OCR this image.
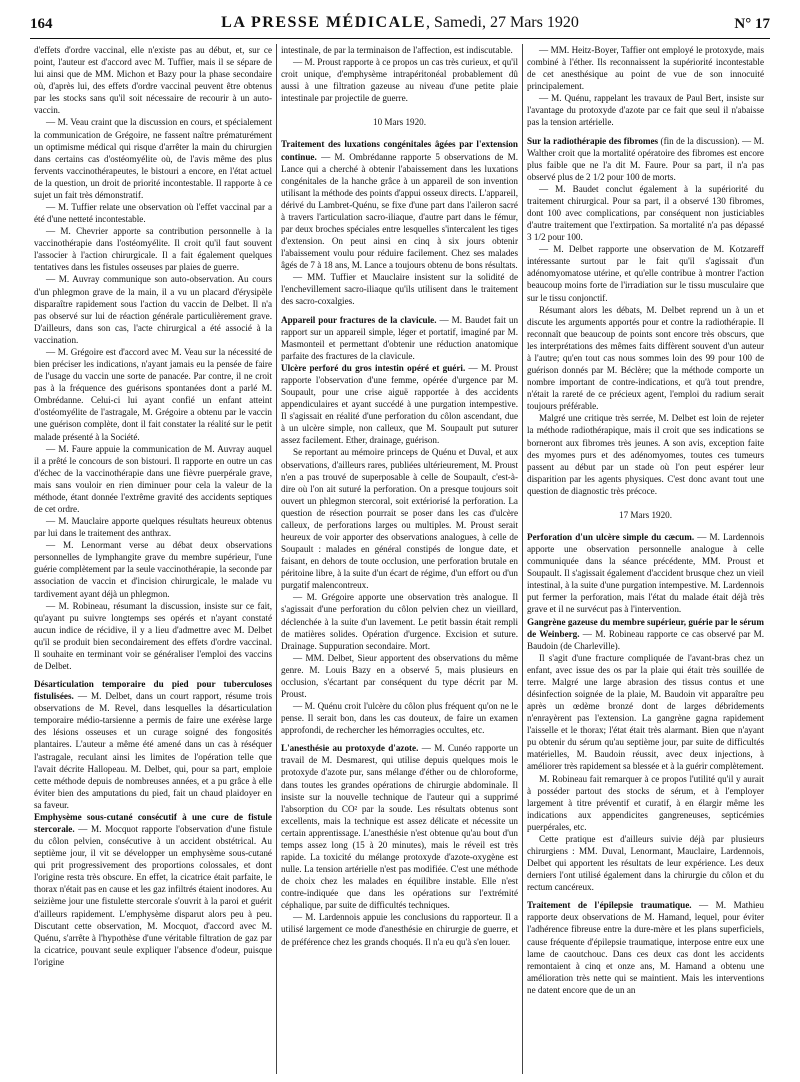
164	LA PRESSE MÉDICALE, Samedi, 27 Mars 1920	N° 17

d'effets d'ordre vaccinal, elle n'existe pas au début, et, sur ce point, l'auteur est d'accord avec M. Tuffier, mais il se sépare de lui ainsi que de MM. Michon et Bazy pour la phase secondaire où, d'après lui, des effets d'ordre vaccinal peuvent être obtenus par les stocks sans qu'il soit nécessaire de recourir à un auto-vaccin.

— M. Veau craint que la discussion en cours, et spécialement la communication de Grégoire, ne fassent naître prématurément un optimisme médical qui risque d'arrêter la main du chirurgien dans certains cas d'ostéomyélite où, de l'avis même des plus fervents vaccinothérapeutes, le bistouri a encore, en l'état actuel de la question, un droit de priorité incontestable. Il rapporte à ce sujet un fait très démonstratif.

— M. Tuffier relate une observation où l'effet vaccinal par a été d'une netteté incontestable.

— M. Chevrier apporte sa contribution personnelle à la vaccinothérapie dans l'ostéomyélite. Il croit qu'il faut souvent l'associer à l'action chirurgicale. Il a fait également quelques tentatives dans les fistules osseuses par plaies de guerre.

— M. Auvray communique son auto-observation. Au cours d'un phlegmon grave de la main, il a vu un placard d'érysipèle disparaître rapidement sous l'action du vaccin de Delbet. Il n'a pas observé sur lui de réaction générale particulièrement grave. D'ailleurs, dans son cas, l'acte chirurgical a été associé à la vaccination.

— M. Grégoire est d'accord avec M. Veau sur la nécessité de bien préciser les indications, n'ayant jamais eu la pensée de faire de l'usage du vaccin une sorte de panacée. Par contre, il ne croit pas à la fréquence des guérisons spontanées dont a parlé M. Ombrédanne. Celui-ci lui ayant confié un enfant atteint d'ostéomyélite de l'astragale, M. Grégoire a obtenu par le vaccin une guérison complète, dont il fait constater la réalité sur le petit malade présenté à la Société.

— M. Faure appuie la communication de M. Auvray auquel il a prêté le concours de son bistouri. Il rapporte en outre un cas d'échec de la vaccinothérapie dans une fièvre puerpérale grave, mais sans vouloir en rien diminuer pour cela la valeur de la méthode, étant donnée l'extrême gravité des accidents septiques de cet ordre.

— M. Mauclaire apporte quelques résultats heureux obtenus par lui dans le traitement des anthrax.

— M. Lenormant verse au débat deux observations personnelles de lymphangite grave du membre supérieur, l'une guérie complètement par la seule vaccinothérapie, la seconde par association de vaccin et d'incision chirurgicale, le malade vu tardivement ayant déjà un phlegmon.

— M. Robineau, résumant la discussion, insiste sur ce fait, qu'ayant pu suivre longtemps ses opérés et n'ayant constaté aucun indice de récidive, il y a lieu d'admettre avec M. Delbet qu'il se produit bien secondairement des effets d'ordre vaccinal. Il souhaite en terminant voir se généraliser l'emploi des vaccins de Delbet.

Désarticulation temporaire du pied pour tuberculoses fistulisées. — M. Delbet, dans un court rapport, résume trois observations de M. Revel, dans lesquelles la désarticulation temporaire médio-tarsienne a permis de faire une exérèse large des lésions osseuses et un curage soigné des fongosités plantaires. L'auteur a même été amené dans un cas à réséquer l'astragale, reculant ainsi les limites de l'opération telle que l'avait décrite Hallopeau. M. Delbet, qui, pour sa part, emploie cette méthode depuis de nombreuses années, et a pu grâce à elle éviter bien des amputations du pied, fait un chaud plaidoyer en sa faveur.

Emphysème sous-cutané consécutif à une cure de fistule stercorale. — M. Mocquot rapporte l'observation d'une fistule du côlon pelvien, consécutive à un accident obstétrical. Au septième jour, il vit se développer un emphysème sous-cutané qui prit progressivement des proportions colossales, et dont l'origine resta très obscure. En effet, la cicatrice était parfaite, le thorax n'était pas en cause et les gaz infiltrés étaient inodores. Au seizième jour une fistulette stercorale s'ouvrit à la paroi et guérit d'ailleurs rapidement. L'emphysème disparut alors peu à peu. Discutant cette observation, M. Mocquot, d'accord avec M. Quénu, s'arrête à l'hypothèse d'une véritable filtration de gaz par la cicatrice, pouvant seule expliquer l'absence d'odeur, puisque l'origine

intestinale, de par la terminaison de l'affection, est indiscutable.

— M. Proust rapporte à ce propos un cas très curieux, et qu'il croit unique, d'emphysème intrapéritonéal probablement dû aussi à une filtration gazeuse au niveau d'une petite plaie intestinale par projectile de guerre.

10 Mars 1920.

Traitement des luxations congénitales âgées par l'extension continue. — M. Ombrédanne rapporte 5 observations de M. Lance qui a cherché à obtenir l'abaissement dans les luxations congénitales de la hanche grâce à un appareil de son invention utilisant la méthode des points d'appui osseux directs. L'appareil, dérivé du Lambret-Quénu, se fixe d'une part dans l'aileron sacré à travers l'articulation sacro-iliaque, d'autre part dans le fémur, par deux broches spéciales entre lesquelles s'intercalent les tiges d'extension. On peut ainsi en cinq à six jours obtenir l'abaissement voulu pour réduire facilement. Chez ses malades âgés de 7 à 18 ans, M. Lance a toujours obtenu de bons résultats.

— MM. Tuffier et Mauclaire insistent sur la solidité de l'enchevillement sacro-iliaque qu'ils utilisent dans le traitement des sacro-coxalgies.

Appareil pour fractures de la clavicule. — M. Baudet fait un rapport sur un appareil simple, léger et portatif, imaginé par M. Masmonteil et permettant d'obtenir une réduction anatomique parfaite des fractures de la clavicule.

Ulcère perforé du gros intestin opéré et guéri. — M. Proust rapporte l'observation d'une femme, opérée d'urgence par M. Soupault, pour une crise aiguë rapportée à des accidents appendiculaires et ayant succédé à une purgation intempestive. Il s'agissait en réalité d'une perforation du côlon ascendant, due à un ulcère simple, non calleux, que M. Soupault put suturer assez facilement. Ether, drainage, guérison.

Se reportant au mémoire princeps de Quénu et Duval, et aux observations, d'ailleurs rares, publiées ultérieurement, M. Proust n'en a pas trouvé de superposable à celle de Soupault, c'est-à-dire où l'on ait suturé la perforation. On a presque toujours soit ouvert un phlegmon stercoral, soit extériorisé la perforation. La question de résection pourrait se poser dans les cas d'ulcère calleux, de perforations larges ou multiples. M. Proust serait heureux de voir apporter des observations analogues, à celle de Soupault : malades en général constipés de longue date, et faisant, en dehors de toute occlusion, une perforation brutale en péritoine libre, à la suite d'un écart de régime, d'un effort ou d'un purgatif malencontreux.

— M. Grégoire apporte une observation très analogue. Il s'agissait d'une perforation du côlon pelvien chez un vieillard, déclenchée à la suite d'un lavement. Le petit bassin était rempli de matières solides. Opération d'urgence. Excision et suture. Drainage. Suppuration secondaire. Mort.

— MM. Delbet, Sieur apportent des observations du même genre. M. Louis Bazy en a observé 5, mais plusieurs en occlusion, s'écartant par conséquent du type décrit par M. Proust.

— M. Quénu croit l'ulcère du côlon plus fréquent qu'on ne le pense. Il serait bon, dans les cas douteux, de faire un examen approfondi, de rechercher les hémorragies occultes, etc.

L'anesthésie au protoxyde d'azote. — M. Cunéo rapporte un travail de M. Desmarest, qui utilise depuis quelques mois le protoxyde d'azote pur, sans mélange d'éther ou de chloroforme, dans toutes les grandes opérations de chirurgie abdominale. Il insiste sur la nouvelle technique de l'auteur qui a supprimé l'absorption du CO² par la soude. Les résultats obtenus sont excellents, mais la technique est assez délicate et nécessite un certain apprentissage. L'anesthésie n'est obtenue qu'au bout d'un temps assez long (15 à 20 minutes), mais le réveil est très rapide. La toxicité du mélange protoxyde d'azote-oxygène est nulle. La tension artérielle n'est pas modifiée. C'est une méthode de choix chez les malades en équilibre instable. Elle n'est contre-indiquée que dans les opérations sur l'extrémité céphalique, par suite de difficultés techniques.

— M. Lardennois appuie les conclusions du rapporteur. Il a utilisé largement ce mode d'anesthésie en chirurgie de guerre, et de préférence chez les grands choqués. Il n'a eu qu'à s'en louer.

— MM. Heitz-Boyer, Taffier ont employé le protoxyde, mais combiné à l'éther. Ils reconnaissent la supériorité incontestable de cet anesthésique au point de vue de son innocuité principalement.

— M. Quénu, rappelant les travaux de Paul Bert, insiste sur l'avantage du protoxyde d'azote par ce fait que seul il n'abaisse pas la tension artérielle.

Sur la radiothérapie des fibromes (fin de la discussion). — M. Walther croit que la mortalité opératoire des fibromes est encore plus faible que ne l'a dit M. Faure. Pour sa part, il n'a pas observé plus de 2 1/2 pour 100 de morts.

— M. Baudet conclut également à la supériorité du traitement chirurgical. Pour sa part, il a observé 130 fibromes, dont 100 avec complications, par conséquent non justiciables d'autre traitement que l'extirpation. Sa mortalité n'a pas dépassé 3 1/2 pour 100.

— M. Delbet rapporte une observation de M. Kotzareff intéressante surtout par le fait qu'il s'agissait d'un adénomyomatose utérine, et qu'elle contribue à montrer l'action beaucoup moins forte de l'irradiation sur le tissu musculaire que sur le tissu conjonctif.

Résumant alors les débats, M. Delbet reprend un à un et discute les arguments apportés pour et contre la radiothérapie. Il reconnaît que beaucoup de points sont encore très obscurs, que les interprétations des mêmes faits diffèrent souvent d'un auteur à l'autre; qu'en tout cas nous sommes loin des 99 pour 100 de guérison donnés par M. Béclère; que la méthode comporte un nombre important de contre-indications, et qu'à tout prendre, n'était la rareté de ce précieux agent, l'emploi du radium serait toujours préférable.

Malgré une critique très serrée, M. Delbet est loin de rejeter la méthode radiothérapique, mais il croit que ses indications se borneront aux fibromes très jeunes. A son avis, exception faite des myomes purs et des adénomyomes, toutes ces tumeurs passent au début par un stade où l'on peut espérer leur disparition par les agents physiques. C'est donc avant tout une question de diagnostic très précoce.

17 Mars 1920.

Perforation d'un ulcère simple du cæcum. — M. Lardennois apporte une observation personnelle analogue à celle communiquée dans la séance précédente, MM. Proust et Soupault. Il s'agissait également d'accident brusque chez un vieil intestinal, à la suite d'une purgation intempestive. M. Lardennois put fermer la perforation, mais l'état du malade était déjà très grave et il ne survécut pas à l'intervention.

Gangrène gazeuse du membre supérieur, guérie par le sérum de Weinberg. — M. Robineau rapporte ce cas observé par M. Baudoin (de Charleville).

Il s'agit d'une fracture compliquée de l'avant-bras chez un enfant, avec issue des os par la plaie qui était très souillée de terre. Malgré une large abrasion des tissus contus et une désinfection soignée de la plaie, M. Baudoin vit apparaître peu après un œdème bronzé dont de larges débridements n'enrayèrent pas l'extension. La gangrène gagna rapidement l'aisselle et le thorax; l'état était très alarmant. Bien que n'ayant pu obtenir du sérum qu'au septième jour, par suite de difficultés matérielles, M. Baudoin réussit, avec deux injections, à améliorer très rapidement sa blessée et à la guérir complètement.

M. Robineau fait remarquer à ce propos l'utilité qu'il y aurait à posséder partout des stocks de sérum, et à l'employer largement à titre préventif et curatif, à en élargir même les indications aux appendicites gangreneuses, septicémies puerpérales, etc.

Cette pratique est d'ailleurs suivie déjà par plusieurs chirurgiens : MM. Duval, Lenormant, Mauclaire, Lardennois, Delbet qui apportent les résultats de leur expérience. Les deux derniers l'ont utilisé également dans la chirurgie du côlon et du rectum cancéreux.

Traitement de l'épilepsie traumatique. — M. Mathieu rapporte deux observations de M. Hamand, lequel, pour éviter l'adhérence fibreuse entre la dure-mère et les plans superficiels, cause fréquente d'épilepsie traumatique, interpose entre eux une lame de caoutchouc. Dans ces deux cas dont les accidents remontaient à cinq et onze ans, M. Hamand a obtenu une amélioration très nette qui se maintient. Mais les interventions ne datent encore que de un an
